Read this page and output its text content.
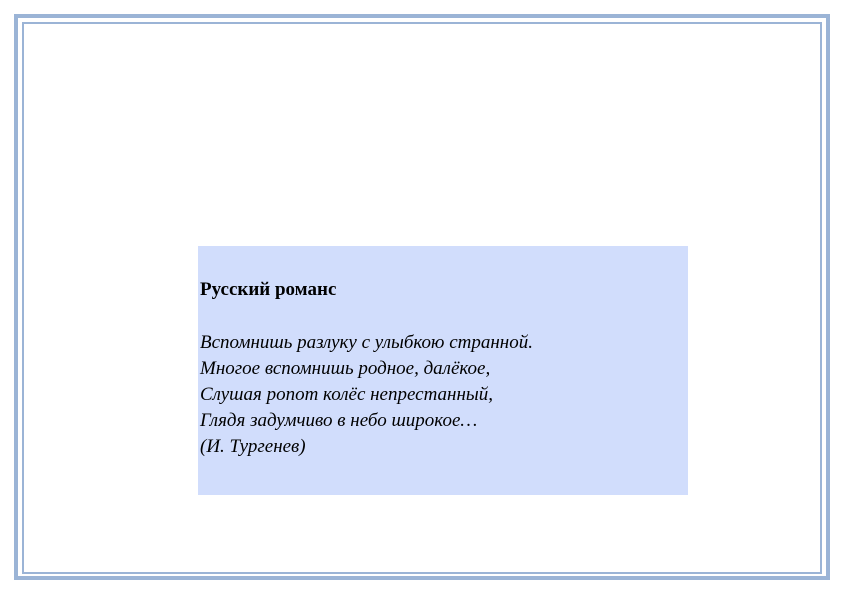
Русский романс

Вспомнишь разлуку с улыбкою странной.

Многое вспомнишь родное, далёкое,

Слушая ропот колёс непрестанный,

Глядя задумчиво в небо широкое…

(И. Тургенев)
